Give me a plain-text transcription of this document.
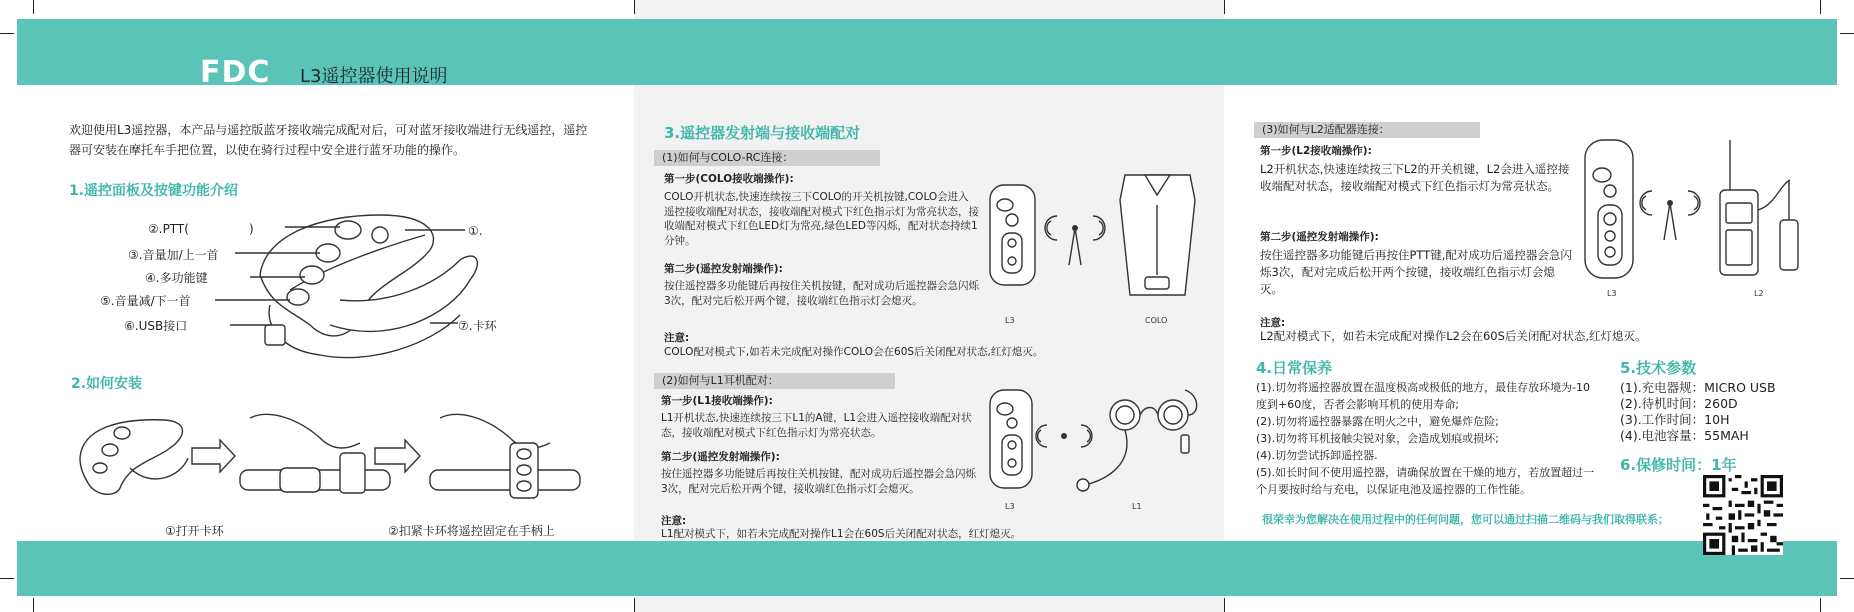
FDC L3遥控器使用说明
欢迎使用L3遥控器，本产品与遥控版蓝牙接收端完成配对后，可对蓝牙接收端进行无线遥控，遥控器可安装在摩托车手把位置，以使在骑行过程中安全进行蓝牙功能的操作。
1.遥控面板及按键功能介绍
②.PTT(　　　　　)	①.
③.音量加/上一首
④.多功能键
⑤.音量减/下一首
⑥.USB接口	⑦.卡环
2.如何安装
①打开卡环	②扣紧卡环将遥控固定在手柄上
3.遥控器发射端与接收端配对
(1)如何与COLO-RC连接：
第一步(COLO接收端操作):
COLO开机状态,快速连续按三下COLO的开关机按键,COLO会进入遥控接收端配对状态，接收端配对模式下红色指示灯为常亮状态，接收端配对模式下红色LED灯为常亮,绿色LED等闪烁，配对状态持续1分钟。
第二步(遥控发射端操作):
按住遥控器多功能键后再按住关机按键，配对成功后遥控器会急闪烁3次，配对完后松开两个键，接收端红色指示灯会熄灭。
注意:
COLO配对模式下,如若未完成配对操作COLO会在60S后关闭配对状态,红灯熄灭。
L3	COLO
(2)如何与L1耳机配对：
第一步(L1接收端操作):
L1开机状态,快速连续按三下L1的A键，L1会进入遥控接收端配对状态，接收端配对模式下红色指示灯为常亮状态。
第二步(遥控发射端操作):
按住遥控器多功能键后再按住关机按键，配对成功后遥控器会急闪烁3次，配对完后松开两个键，接收端红色指示灯会熄灭。
注意:
L1配对模式下，如若未完成配对操作L1会在60S后关闭配对状态，红灯熄灭。
L3	L1
(3)如何与L2适配器连接：
第一步(L2接收端操作):
L2开机状态,快速连续按三下L2的开关机键，L2会进入遥控接收端配对状态，接收端配对模式下红色指示灯为常亮状态。
第二步(遥控发射端操作):
按住遥控器多功能键后再按住PTT键,配对成功后遥控器会急闪烁3次，配对完成后松开两个按键，接收端红色指示灯会熄灭。
注意:
L2配对模式下，如若未完成配对操作L2会在60S后关闭配对状态,红灯熄灭。
L3	L2
4.日常保养
(1).切勿将遥控器放置在温度极高或极低的地方，最佳存放环境为-10度到+60度，否者会影响耳机的使用寿命;
(2).切勿将遥控器暴露在明火之中，避免爆炸危险;
(3).切勿将耳机接触尖锐对象，会造成划痕或损坏;
(4).切勿尝试拆卸遥控器.
(5).如长时间不使用遥控器，请确保放置在干燥的地方，若放置超过一个月要按时给与充电，以保证电池及遥控器的工作性能。
5.技术参数
(1).充电器规：MICRO USB
(2).待机时间：260D
(3).工作时间：10H
(4).电池容量：55MAH
6.保修时间：1年
很荣幸为您解决在使用过程中的任何问题，您可以通过扫描二维码与我们取得联系；
